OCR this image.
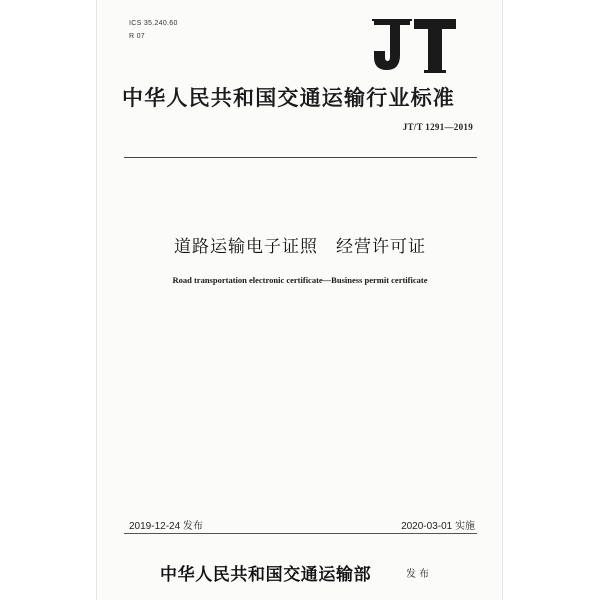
ICS 35.240.60
R 07
中华人民共和国交通运输行业标准
JT/T 1291—2019
道路运输电子证照　经营许可证
Road transportation electronic certificate—Business permit certificate
2019-12-24 发布	2020-03-01 实施
中华人民共和国交通运输部	发布
